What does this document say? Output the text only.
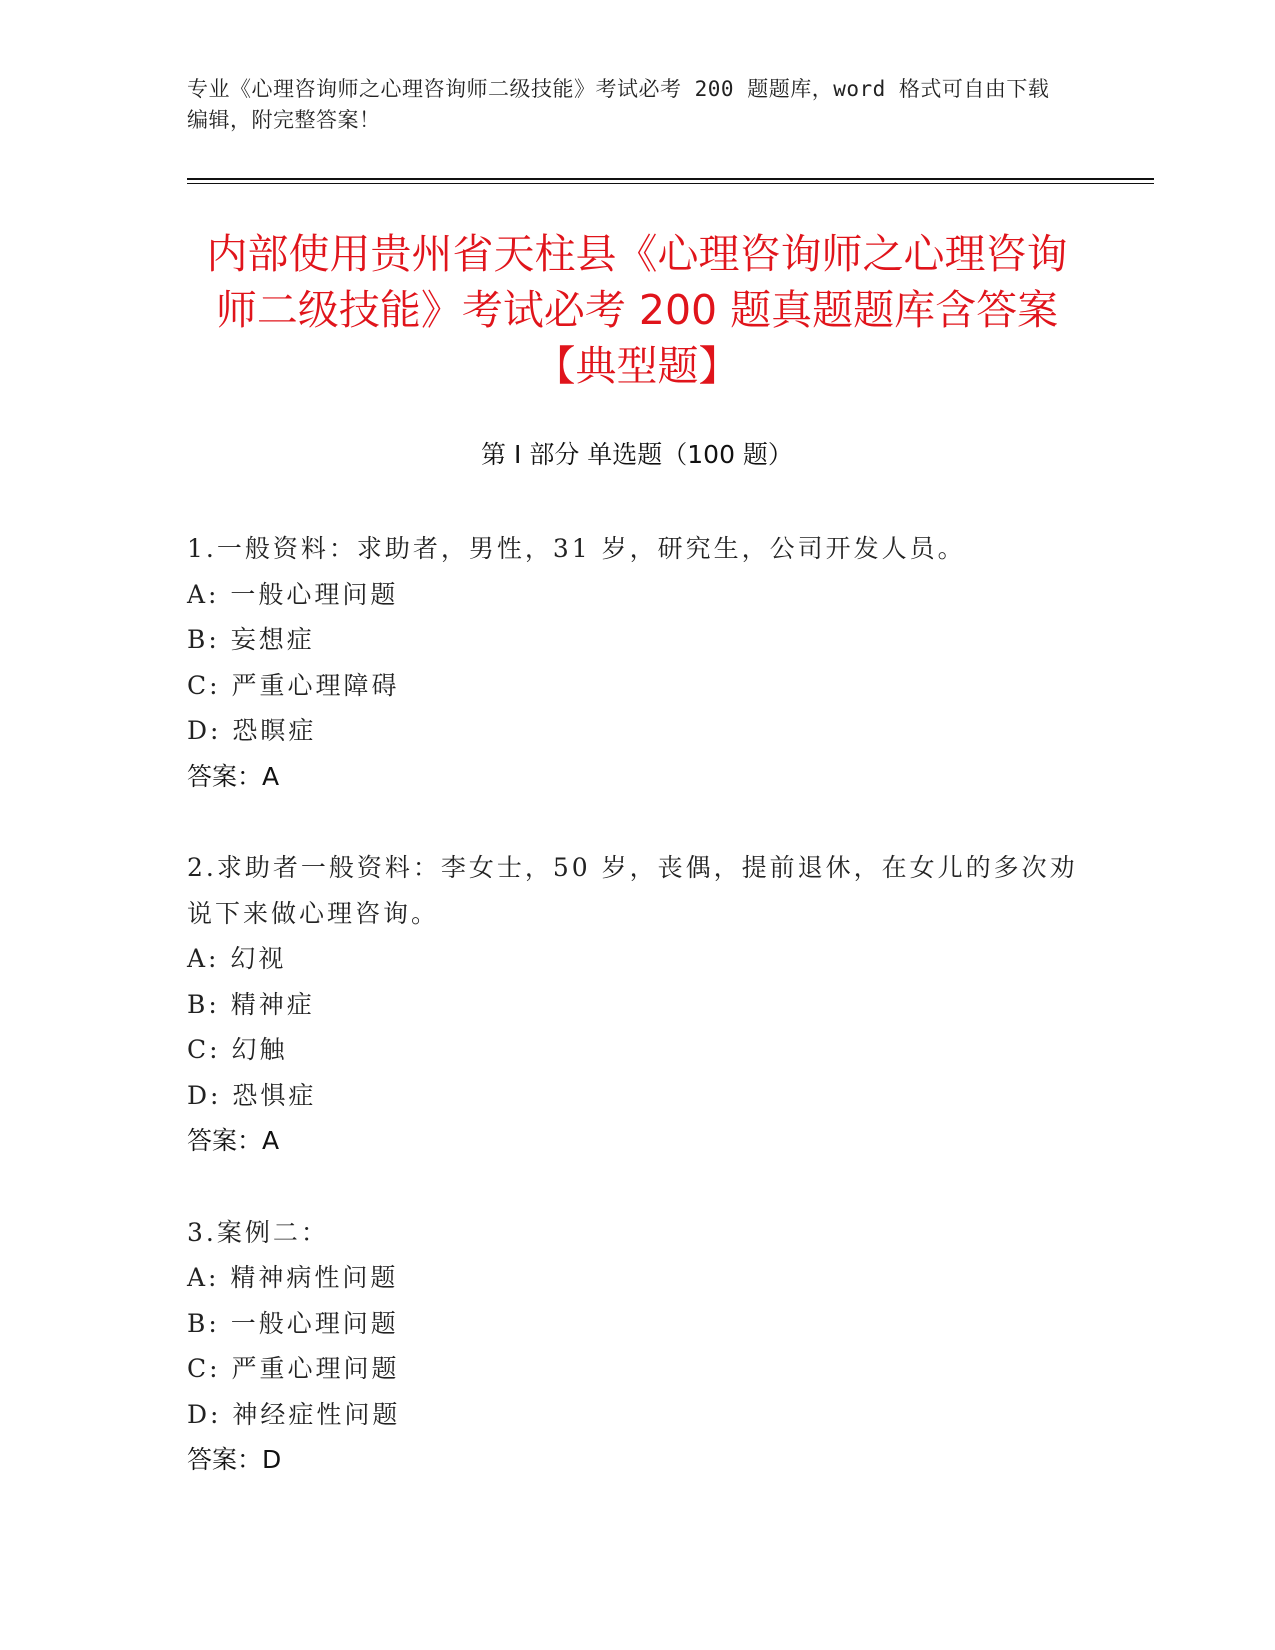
专业《心理咨询师之心理咨询师二级技能》考试必考 200 题题库，word 格式可自由下载编辑，附完整答案！
内部使用贵州省天柱县《心理咨询师之心理咨询师二级技能》考试必考 200 题真题题库含答案【典型题】
第 I 部分 单选题（100 题）
1.一般资料：求助者，男性，31 岁，研究生，公司开发人员。
A: 一般心理问题
B: 妄想症
C: 严重心理障碍
D: 恐瞑症
答案：A
2.求助者一般资料：李女士，50 岁，丧偶，提前退休，在女儿的多次劝说下来做心理咨询。
A: 幻视
B: 精神症
C: 幻触
D: 恐惧症
答案：A
3.案例二：
A: 精神病性问题
B: 一般心理问题
C: 严重心理问题
D: 神经症性问题
答案：D
